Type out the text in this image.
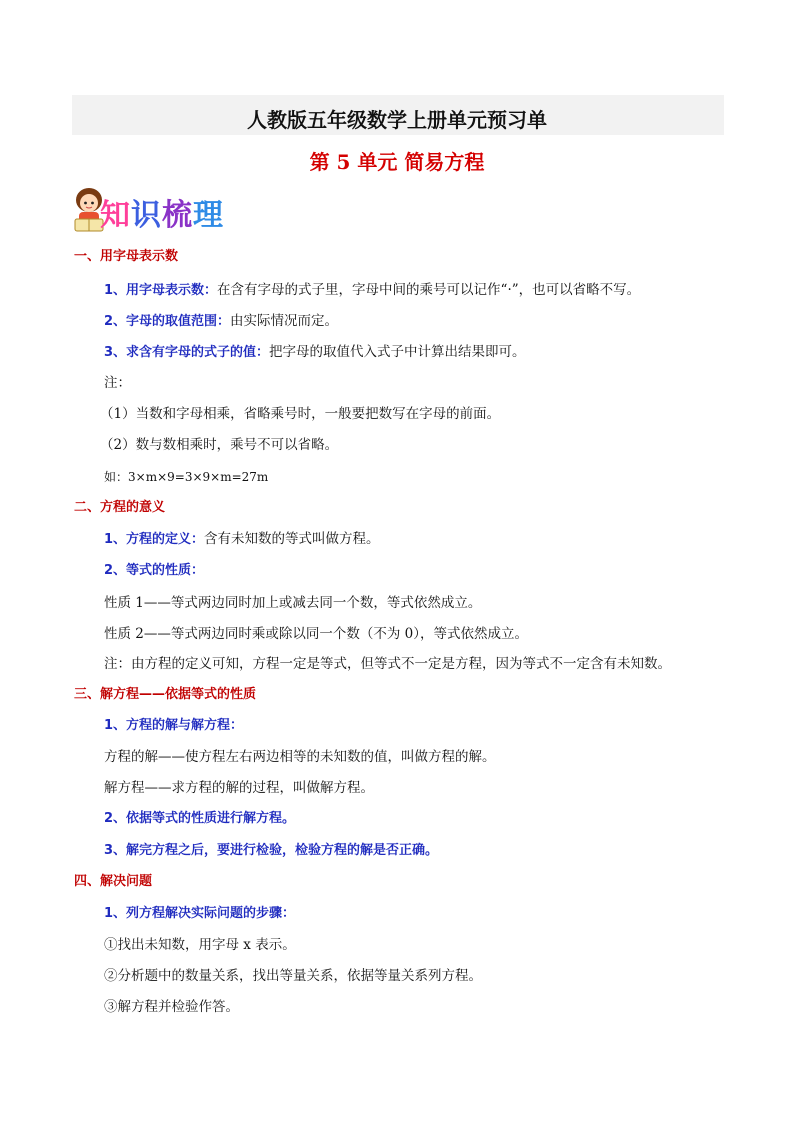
人教版五年级数学上册单元预习单
第 5 单元 简易方程
知识梳理
一、用字母表示数
1、用字母表示数：在含有字母的式子里，字母中间的乘号可以记作“·”，也可以省略不写。
2、字母的取值范围：由实际情况而定。
3、求含有字母的式子的值：把字母的取值代入式子中计算出结果即可。
注：
（1）当数和字母相乘，省略乘号时，一般要把数写在字母的前面。
（2）数与数相乘时，乘号不可以省略。
如：3×m×9=3×9×m=27m
二、方程的意义
1、方程的定义：含有未知数的等式叫做方程。
2、等式的性质：
性质 1——等式两边同时加上或减去同一个数，等式依然成立。
性质 2——等式两边同时乘或除以同一个数（不为 0），等式依然成立。
注：由方程的定义可知，方程一定是等式，但等式不一定是方程，因为等式不一定含有未知数。
三、解方程——依据等式的性质
1、方程的解与解方程：
方程的解——使方程左右两边相等的未知数的值，叫做方程的解。
解方程——求方程的解的过程，叫做解方程。
2、依据等式的性质进行解方程。
3、解完方程之后，要进行检验，检验方程的解是否正确。
四、解决问题
1、列方程解决实际问题的步骤：
①找出未知数，用字母 x 表示。
②分析题中的数量关系，找出等量关系，依据等量关系列方程。
③解方程并检验作答。
